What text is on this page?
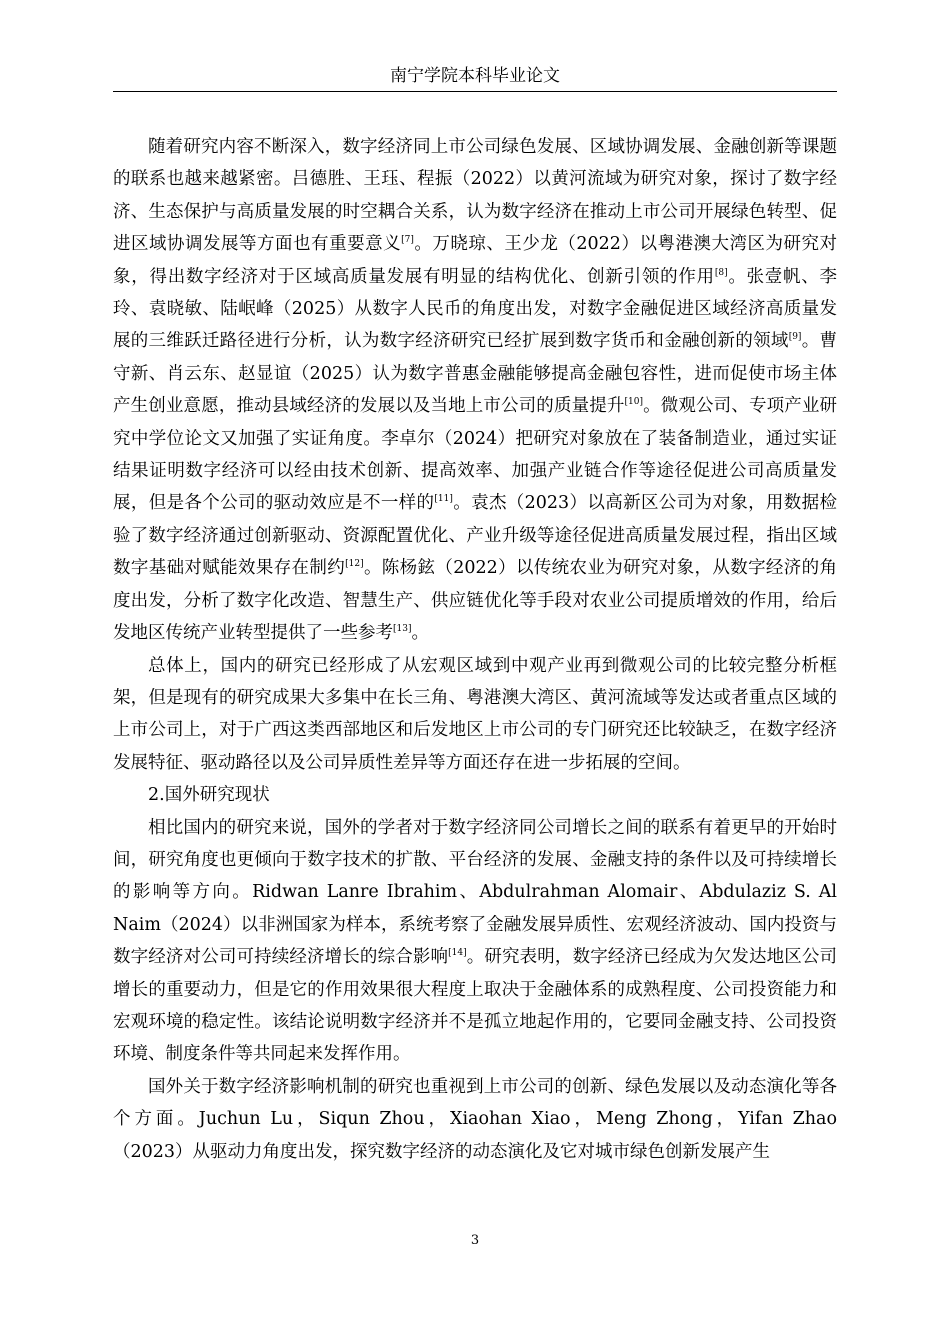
南宁学院本科毕业论文

随着研究内容不断深入，数字经济同上市公司绿色发展、区域协调发展、金融创新等课题的联系也越来越紧密。吕德胜、王珏、程振（2022）以黄河流域为研究对象，探讨了数字经济、生态保护与高质量发展的时空耦合关系，认为数字经济在推动上市公司开展绿色转型、促进区域协调发展等方面也有重要意义[7]。万晓琼、王少龙（2022）以粤港澳大湾区为研究对象，得出数字经济对于区域高质量发展有明显的结构优化、创新引领的作用[8]。张壹帆、李玲、袁晓敏、陆岷峰（2025）从数字人民币的角度出发，对数字金融促进区域经济高质量发展的三维跃迁路径进行分析，认为数字经济研究已经扩展到数字货币和金融创新的领域[9]。曹守新、肖云东、赵显谊（2025）认为数字普惠金融能够提高金融包容性，进而促使市场主体产生创业意愿，推动县域经济的发展以及当地上市公司的质量提升[10]。微观公司、专项产业研究中学位论文又加强了实证角度。李卓尔（2024）把研究对象放在了装备制造业，通过实证结果证明数字经济可以经由技术创新、提高效率、加强产业链合作等途径促进公司高质量发展，但是各个公司的驱动效应是不一样的[11]。袁杰（2023）以高新区公司为对象，用数据检验了数字经济通过创新驱动、资源配置优化、产业升级等途径促进高质量发展过程，指出区域数字基础对赋能效果存在制约[12]。陈杨鉉（2022）以传统农业为研究对象，从数字经济的角度出发，分析了数字化改造、智慧生产、供应链优化等手段对农业公司提质增效的作用，给后发地区传统产业转型提供了一些参考[13]。

总体上，国内的研究已经形成了从宏观区域到中观产业再到微观公司的比较完整分析框架，但是现有的研究成果大多集中在长三角、粤港澳大湾区、黄河流域等发达或者重点区域的上市公司上，对于广西这类西部地区和后发地区上市公司的专门研究还比较缺乏，在数字经济发展特征、驱动路径以及公司异质性差异等方面还存在进一步拓展的空间。

2.国外研究现状

相比国内的研究来说，国外的学者对于数字经济同公司增长之间的联系有着更早的开始时间，研究角度也更倾向于数字技术的扩散、平台经济的发展、金融支持的条件以及可持续增长的影响等方向。Ridwan Lanre Ibrahim、Abdulrahman Alomair、Abdulaziz S. Al Naim（2024）以非洲国家为样本，系统考察了金融发展异质性、宏观经济波动、国内投资与数字经济对公司可持续经济增长的综合影响[14]。研究表明，数字经济已经成为欠发达地区公司增长的重要动力，但是它的作用效果很大程度上取决于金融体系的成熟程度、公司投资能力和宏观环境的稳定性。该结论说明数字经济并不是孤立地起作用的，它要同金融支持、公司投资环境、制度条件等共同起来发挥作用。

国外关于数字经济影响机制的研究也重视到上市公司的创新、绿色发展以及动态演化等各个方面。Juchun Lu，Siqun Zhou，Xiaohan Xiao，Meng Zhong，Yifan Zhao（2023）从驱动力角度出发，探究数字经济的动态演化及它对城市绿色创新发展产生

3
